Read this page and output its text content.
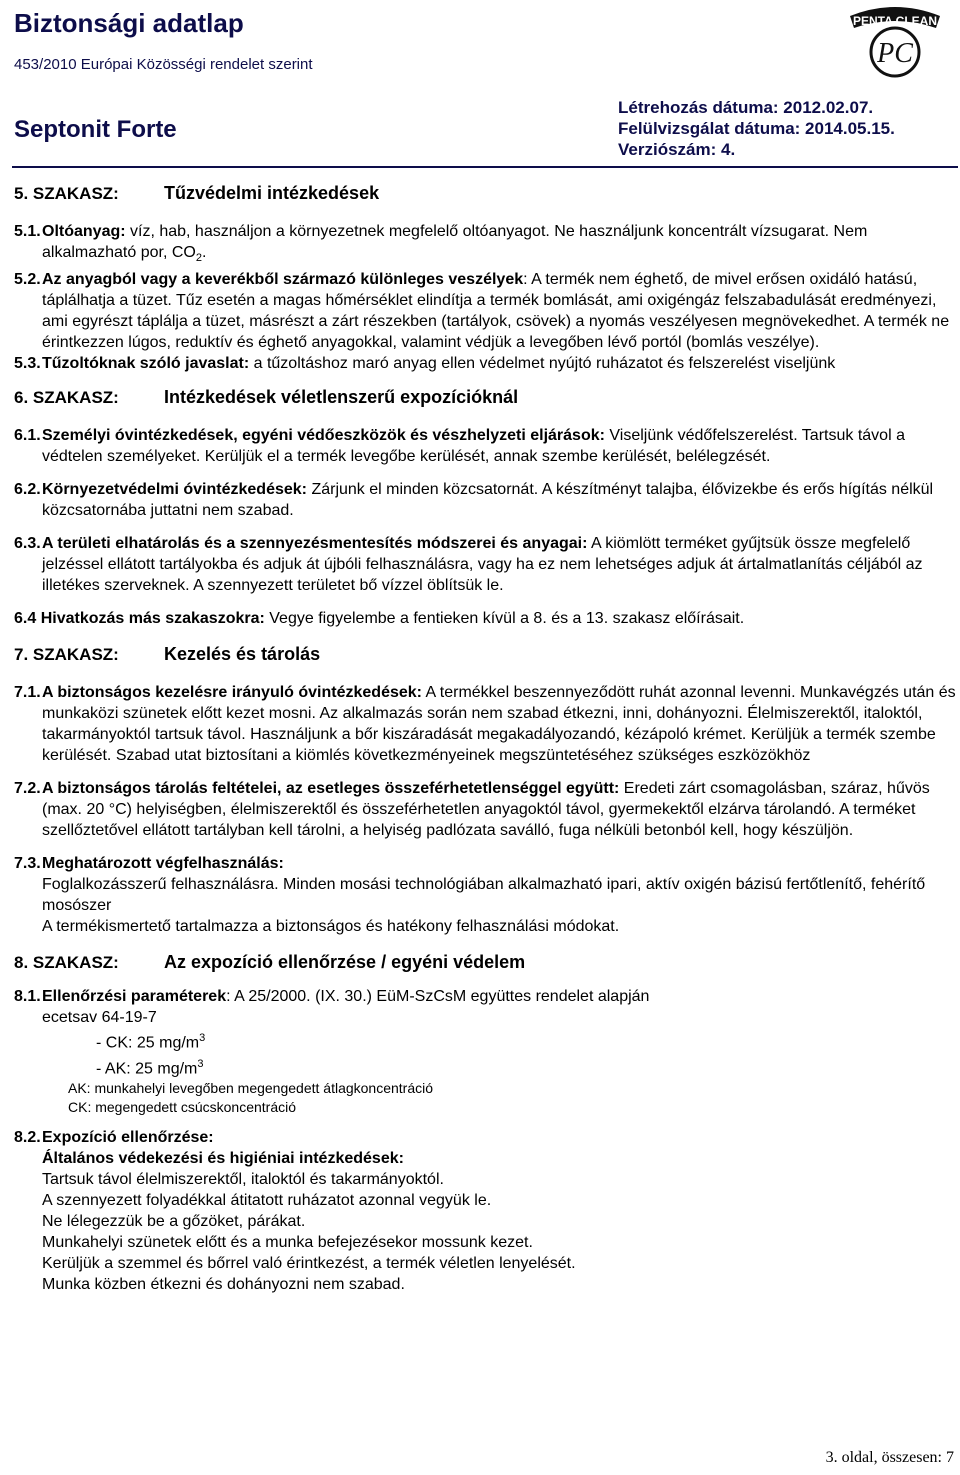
Biztonsági adatlap
453/2010 Európai Közösségi rendelet szerint
Septonit Forte
Létrehozás dátuma: 2012.02.07.
Felülvizsgálat dátuma: 2014.05.15.
Verziószám: 4.
PENTA CLEAN
PC
5. SZAKASZ:	Tűzvédelmi intézkedések
5.1.Oltóanyag: víz, hab, használjon a környezetnek megfelelő oltóanyagot. Ne használjunk koncentrált vízsugarat. Nem alkalmazható por, $CO_2$.
5.2.Az anyagból vagy a keverékből származó különleges veszélyek: A termék nem éghető, de mivel erősen oxidáló hatású, táplálhatja a tüzet. Tűz esetén a magas hőmérséklet elindítja a termék bomlását, ami oxigéngáz felszabadulását eredményezi, ami egyrészt táplálja a tüzet, másrészt a zárt részekben (tartályok, csövek) a nyomás veszélyesen megnövekedhet. A termék ne érintkezzen lúgos, reduktív és éghető anyagokkal, valamint védjük a levegőben lévő portól (bomlás veszélye).
5.3.Tűzoltóknak szóló javaslat: a tűzoltáshoz maró anyag ellen védelmet nyújtó ruházatot és felszerelést viseljünk
6. SZAKASZ:	Intézkedések véletlenszerű expozícióknál
6.1.Személyi óvintézkedések, egyéni védőeszközök és vészhelyzeti eljárások: Viseljünk védőfelszerelést. Tartsuk távol a védtelen személyeket. Kerüljük el a termék levegőbe kerülését, annak szembe kerülését, belélegzését.
6.2.Környezetvédelmi óvintézkedések: Zárjunk el minden közcsatornát. A készítményt talajba, élővizekbe és erős hígítás nélkül közcsatornába juttatni nem szabad.
6.3.A területi elhatárolás és a szennyezésmentesítés módszerei és anyagai: A kiömlött terméket gyűjtsük össze megfelelő jelzéssel ellátott tartályokba és adjuk át újbóli felhasználásra, vagy ha ez nem lehetséges adjuk át ártalmatlanítás céljából az illetékes szerveknek. A szennyezett területet bő vízzel öblítsük le.
6.4 Hivatkozás más szakaszokra: Vegye figyelembe a fentieken kívül a 8. és a 13. szakasz előírásait.
7. SZAKASZ:	Kezelés és tárolás
7.1.A biztonságos kezelésre irányuló óvintézkedések: A termékkel beszennyeződött ruhát azonnal levenni. Munkavégzés után és munkaközi szünetek előtt kezet mosni. Az alkalmazás során nem szabad étkezni, inni, dohányozni. Élelmiszerektől, italoktól, takarmányoktól tartsuk távol. Használjunk a bőr kiszáradását megakadályozandó, kézápoló krémet. Kerüljük a termék szembe kerülését. Szabad utat biztosítani a kiömlés következményeinek megszüntetéséhez szükséges eszközökhöz
7.2.A biztonságos tárolás feltételei, az esetleges összeférhetetlenséggel együtt: Eredeti zárt csomagolásban, száraz, hűvös (max. 20 °C) helyiségben, élelmiszerektől és összeférhetetlen anyagoktól távol, gyermekektől elzárva tárolandó. A terméket szellőztetővel ellátott tartályban kell tárolni, a helyiség padlózata saválló, fuga nélküli betonból kell, hogy készüljön.
7.3.Meghatározott végfelhasználás:
Foglalkozásszerű felhasználásra. Minden mosási technológiában alkalmazható ipari, aktív oxigén bázisú fertőtlenítő, fehérítő mosószer
A termékismertető tartalmazza a biztonságos és hatékony felhasználási módokat.
8. SZAKASZ:	Az expozíció ellenőrzése / egyéni védelem
8.1.Ellenőrzési paraméterek: A 25/2000. (IX. 30.) EüM-SzCsM együttes rendelet alapján
ecetsav 64-19-7
- CK: 25 $mg/m^3$
- AK: 25 $mg/m^3$
AK: munkahelyi levegőben megengedett átlagkoncentráció
CK: megengedett csúcskoncentráció
8.2.Expozíció ellenőrzése:
Általános védekezési és higiéniai intézkedések:
Tartsuk távol élelmiszerektől, italoktól és takarmányoktól.
A szennyezett folyadékkal átitatott ruházatot azonnal vegyük le.
Ne lélegezzük be a gőzöket, párákat.
Munkahelyi szünetek előtt és a munka befejezésekor mossunk kezet.
Kerüljük a szemmel és bőrrel való érintkezést, a termék véletlen lenyelését.
Munka közben étkezni és dohányozni nem szabad.
3. oldal, összesen: 7
